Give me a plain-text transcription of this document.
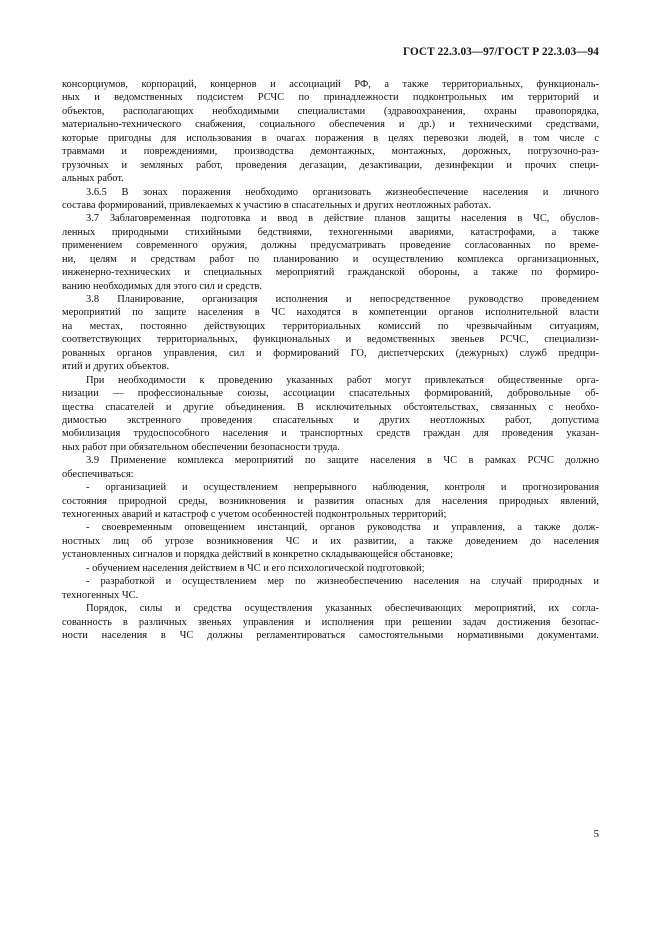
ГОСТ 22.3.03—97/ГОСТ Р 22.3.03—94
консорциумов, корпораций, концернов и ассоциаций РФ, а также территориальных, функциональ-
ных и ведомственных подсистем РСЧС по принадлежности подконтрольных им территорий и
объектов, располагающих необходимыми специалистами (здравоохранения, охраны правопорядка,
материально-технического снабжения, социального обеспечения и др.) и техническими средствами,
которые пригодны для использования в очагах поражения в целях перевозки людей, в том числе с
травмами и повреждениями, производства демонтажных, монтажных, дорожных, погрузочно-раз-
грузочных и земляных работ, проведения дегазации, дезактивации, дезинфекции и прочих специ-
альных работ.
3.6.5 В зонах поражения необходимо организовать жизнеобеспечение населения и личного
состава формирований, привлекаемых к участию в спасательных и других неотложных работах.
3.7 Заблаговременная подготовка и ввод в действие планов защиты населения в ЧС, обуслов-
ленных природными стихийными бедствиями, техногенными авариями, катастрофами, а также
применением современного оружия, должны предусматривать проведение согласованных по време-
ни, целям и средствам работ по планированию и осуществлению комплекса организационных,
инженерно-технических и специальных мероприятий гражданской обороны, а также по формиро-
ванию необходимых для этого сил и средств.
3.8 Планирование, организация исполнения и непосредственное руководство проведением
мероприятий по защите населения в ЧС находятся в компетенции органов исполнительной власти
на местах, постоянно действующих территориальных комиссий по чрезвычайным ситуациям,
соответствующих территориальных, функциональных и ведомственных звеньев РСЧС, специализи-
рованных органов управления, сил и формирований ГО, диспетчерских (дежурных) служб предпри-
ятий и других объектов.
При необходимости к проведению указанных работ могут привлекаться общественные орга-
низации — профессиональные союзы, ассоциации спасательных формирований, добровольные об-
щества спасателей и другие объединения. В исключительных обстоятельствах, связанных с необхо-
димостью экстренного проведения спасательных и других неотложных работ, допустима
мобилизация трудоспособного населения и транспортных средств граждан для проведения указан-
ных работ при обязательном обеспечении безопасности труда.
3.9 Применение комплекса мероприятий по защите населения в ЧС в рамках РСЧС должно
обеспечиваться:
- организацией и осуществлением непрерывного наблюдения, контроля и прогнозирования
состояния природной среды, возникновения и развития опасных для населения природных явлений,
техногенных аварий и катастроф с учетом особенностей подконтрольных территорий;
- своевременным оповещением инстанций, органов руководства и управления, а также долж-
ностных лиц об угрозе возникновения ЧС и их развитии, а также доведением до населения
установленных сигналов и порядка действий в конкретно складывающейся обстановке;
- обучением населения действием в ЧС и его психологической подготовкой;
- разработкой и осуществлением мер по жизнеобеспечению населения на случай природных и
техногенных ЧС.
Порядок, силы и средства осуществления указанных обеспечивающих мероприятий, их согла-
сованность в различных звеньях управления и исполнения при решении задач достижения безопас-
ности населения в ЧС должны регламентироваться самостоятельными нормативными документами.
5
